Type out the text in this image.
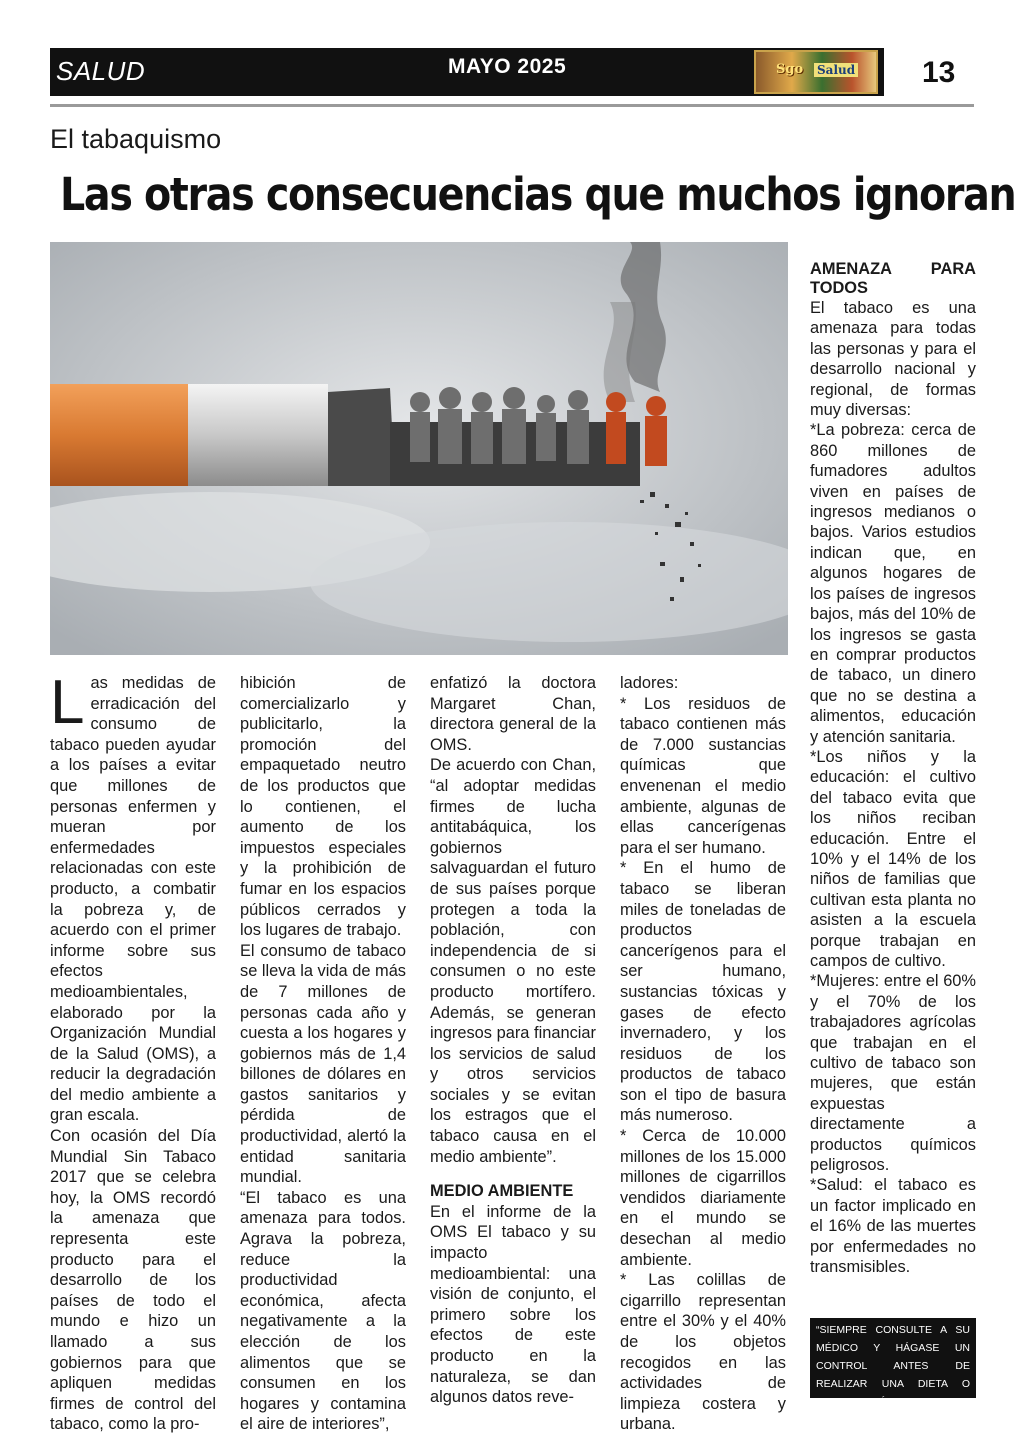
SALUD	MAYO 2025	Sgo Salud 13
El tabaquismo
Las otras consecuencias que muchos ignoran
L as medidas de erradicación del consumo de tabaco pueden ayudar a los países a evitar que millones de personas enfermen y mueran por enfermedades relacionadas con este producto, a combatir la pobreza y, de acuerdo con el primer informe sobre sus efectos medioambientales, elaborado por la Organización Mundial de la Salud (OMS), a reducir la degradación del medio ambiente a gran escala.

Con ocasión del Día Mundial Sin Tabaco 2017 que se celebra hoy, la OMS recordó la amenaza que representa este producto para el desarrollo de los países de todo el mundo e hizo un llamado a sus gobiernos para que apliquen medidas firmes de control del tabaco, como la pro-

hibición de comercializarlo y publicitarlo, la promoción del empaquetado neutro de los productos que lo contienen, el aumento de los impuestos especiales y la prohibición de fumar en los espacios públicos cerrados y los lugares de trabajo.

El consumo de tabaco se lleva la vida de más de 7 millones de personas cada año y cuesta a los hogares y gobiernos más de 1,4 billones de dólares en gastos sanitarios y pérdida de productividad, alertó la entidad sanitaria mundial.

“El tabaco es una amenaza para todos. Agrava la pobreza, reduce la productividad económica, afecta negativamente a la elección de los alimentos que se consumen en los hogares y contamina el aire de interiores”,

enfatizó la doctora Margaret Chan, directora general de la OMS.

De acuerdo con Chan, “al adoptar medidas firmes de lucha antitabáquica, los gobiernos salvaguardan el futuro de sus países porque protegen a toda la población, con independencia de si consumen o no este producto mortífero. Además, se generan ingresos para financiar los servicios de salud y otros servicios sociales y se evitan los estragos que el tabaco causa en el medio ambiente”.

MEDIO AMBIENTE

En el informe de la OMS El tabaco y su impacto medioambiental: una visión de conjunto, el primero sobre los efectos de este producto en la naturaleza, se dan algunos datos reve-

ladores:

* Los residuos de tabaco contienen más de 7.000 sustancias químicas que envenenan el medio ambiente, algunas de ellas cancerígenas para el ser humano.

* En el humo de tabaco se liberan miles de toneladas de productos cancerígenos para el ser humano, sustancias tóxicas y gases de efecto invernadero, y los residuos de los productos de tabaco son el tipo de basura más numeroso.

* Cerca de 10.000 millones de los 15.000 millones de cigarrillos vendidos diariamente en el mundo se desechan al medio ambiente.

* Las colillas de cigarrillo representan entre el 30% y el 40% de los objetos recogidos en las actividades de limpieza costera y urbana.

AMENAZA PARA

TODOS

El tabaco es una amenaza para todas las personas y para el desarrollo nacional y regional, de formas muy diversas:

*La pobreza: cerca de 860 millones de fumadores adultos viven en países de ingresos medianos o bajos. Varios estudios indican que, en algunos hogares de los países de ingresos bajos, más del 10% de los ingresos se gasta en comprar productos de tabaco, un dinero que no se destina a alimentos, educación y atención sanitaria.

*Los niños y la educación: el cultivo del tabaco evita que los niños reciban educación. Entre el 10% y el 14% de los niños de familias que cultivan esta planta no asisten a la escuela porque trabajan en campos de cultivo.

*Mujeres: entre el 60% y el 70% de los trabajadores agrícolas que trabajan en el cultivo de tabaco son mujeres, que están expuestas directamente a productos químicos peligrosos.

*Salud: el tabaco es un factor implicado en el 16% de las muertes por enfermedades no transmisibles.

“SIEMPRE CONSULTE A SU MÉDICO Y HÁGASE UN CONTROL ANTES DE REALIZAR UNA DIETA O ACTIVIDAD FÍSICA”
